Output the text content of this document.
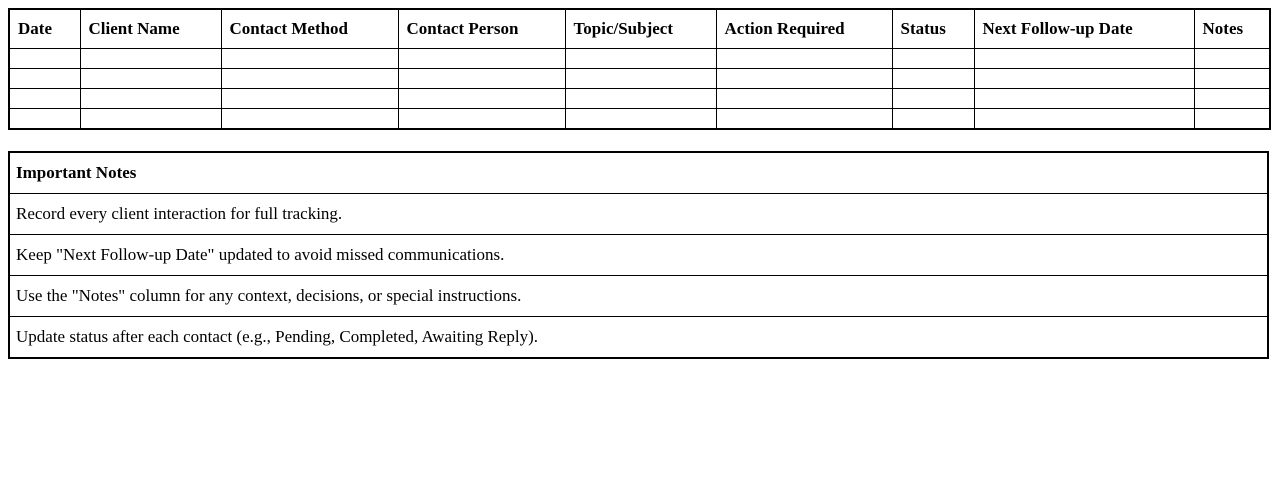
Date	Client Name	Contact Method	Contact Person	Topic/Subject	Action Required	Status	Next Follow-up Date	Notes

Important Notes
Record every client interaction for full tracking.
Keep "Next Follow-up Date" updated to avoid missed communications.
Use the "Notes" column for any context, decisions, or special instructions.
Update status after each contact (e.g., Pending, Completed, Awaiting Reply).
